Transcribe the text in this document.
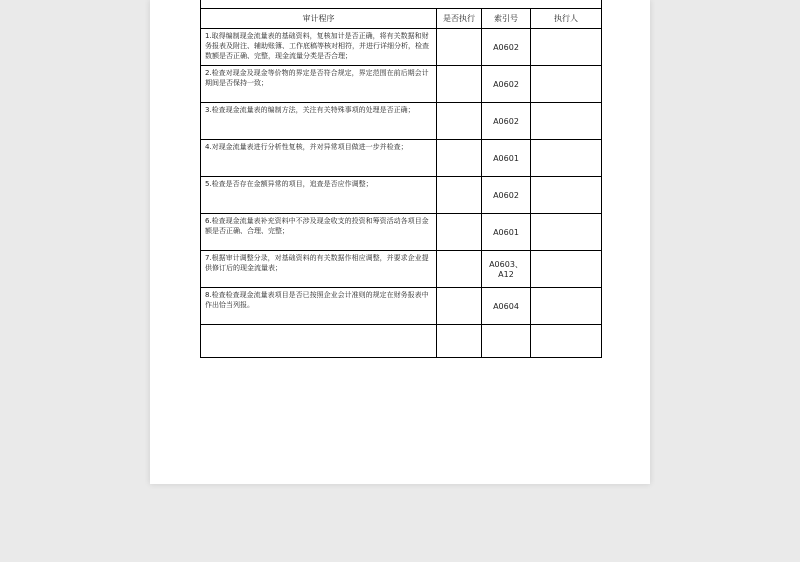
审计程序	是否执行	索引号	执行人
1.取得编制现金流量表的基础资料，复核加计是否正确，将有关数据和财务报表及附注、辅助账簿、工作底稿等核对相符，并进行详细分析，检查数额是否正确、完整，现金流量分类是否合理；		A0602	
2.检查对现金及现金等价物的界定是否符合规定，界定范围在前后期会计期间是否保持一致；		A0602	
3.检查现金流量表的编制方法，关注有关特殊事项的处理是否正确；		A0602	
4.对现金流量表进行分析性复核，并对异常项目做进一步并检查；		A0601	
5.检查是否存在金额异常的项目，追查是否应作调整；		A0602	
6.检查现金流量表补充资料中不涉及现金收支的投资和筹资活动各项目金额是否正确、合理、完整；		A0601	
7.根据审计调整分录，对基础资料的有关数据作相应调整，并要求企业提供修订后的现金流量表；		A0603、A12	
8.检查检查现金流量表项目是否已按照企业会计准则的规定在财务报表中作出恰当列报。		A0604	
